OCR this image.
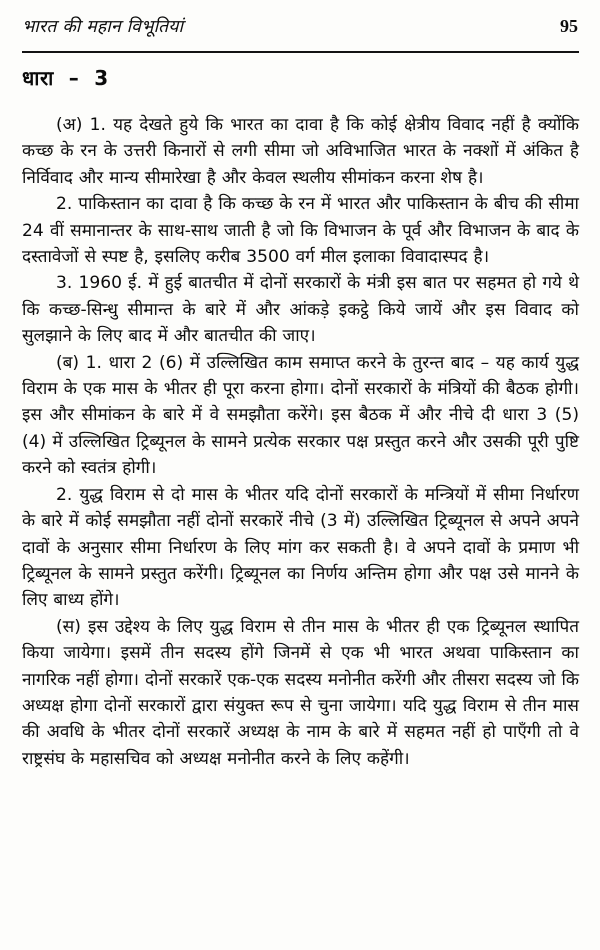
भारत की महान विभूतियां	95
धारा  –  3

(अ) 1. यह देखते हुये कि भारत का दावा है कि कोई क्षेत्रीय विवाद नहीं है क्योंकि कच्छ के रन के उत्तरी किनारों से लगी सीमा जो अविभाजित भारत के नक्शों में अंकित है निर्विवाद और मान्य सीमारेखा है और केवल स्थलीय सीमांकन करना शेष है।

2. पाकिस्तान का दावा है कि कच्छ के रन में भारत और पाकिस्तान के बीच की सीमा 24 वीं समानान्तर के साथ-साथ जाती है जो कि विभाजन के पूर्व और विभाजन के बाद के दस्तावेजों से स्पष्ट है, इसलिए करीब 3500 वर्ग मील इलाका विवादास्पद है।

3. 1960 ई. में हुई बातचीत में दोनों सरकारों के मंत्री इस बात पर सहमत हो गये थे कि कच्छ-सिन्धु सीमान्त के बारे में और आंकड़े इकट्ठे किये जायें और इस विवाद को सुलझाने के लिए बाद में और बातचीत की जाए।

(ब) 1. धारा 2 (6) में उल्लिखित काम समाप्त करने के तुरन्त बाद – यह कार्य युद्ध विराम के एक मास के भीतर ही पूरा करना होगा। दोनों सरकारों के मंत्रियों की बैठक होगी। इस और सीमांकन के बारे में वे समझौता करेंगे। इस बैठक में और नीचे दी धारा 3 (5) (4) में उल्लिखित ट्रिब्यूनल के सामने प्रत्येक सरकार पक्ष प्रस्तुत करने और उसकी पूरी पुष्टि करने को स्वतंत्र होगी।

2. युद्ध विराम से दो मास के भीतर यदि दोनों सरकारों के मन्त्रियों में सीमा निर्धारण के बारे में कोई समझौता नहीं दोनों सरकारें नीचे (3 में) उल्लिखित ट्रिब्यूनल से अपने अपने दावों के अनुसार सीमा निर्धारण के लिए मांग कर सकती है। वे अपने दावों के प्रमाण भी ट्रिब्यूनल के सामने प्रस्तुत करेंगी। ट्रिब्यूनल का निर्णय अन्तिम होगा और पक्ष उसे मानने के लिए बाध्य होंगे।

(स) इस उद्देश्य के लिए युद्ध विराम से तीन मास के भीतर ही एक ट्रिब्यूनल स्थापित किया जायेगा। इसमें तीन सदस्य होंगे जिनमें से एक भी भारत अथवा पाकिस्तान का नागरिक नहीं होगा। दोनों सरकारें एक-एक सदस्य मनोनीत करेंगी और तीसरा सदस्य जो कि अध्यक्ष होगा दोनों सरकारों द्वारा संयुक्त रूप से चुना जायेगा। यदि युद्ध विराम से तीन मास की अवधि के भीतर दोनों सरकारें अध्यक्ष के नाम के बारे में सहमत नहीं हो पाएँगी तो वे राष्ट्रसंघ के महासचिव को अध्यक्ष मनोनीत करने के लिए कहेंगी।
